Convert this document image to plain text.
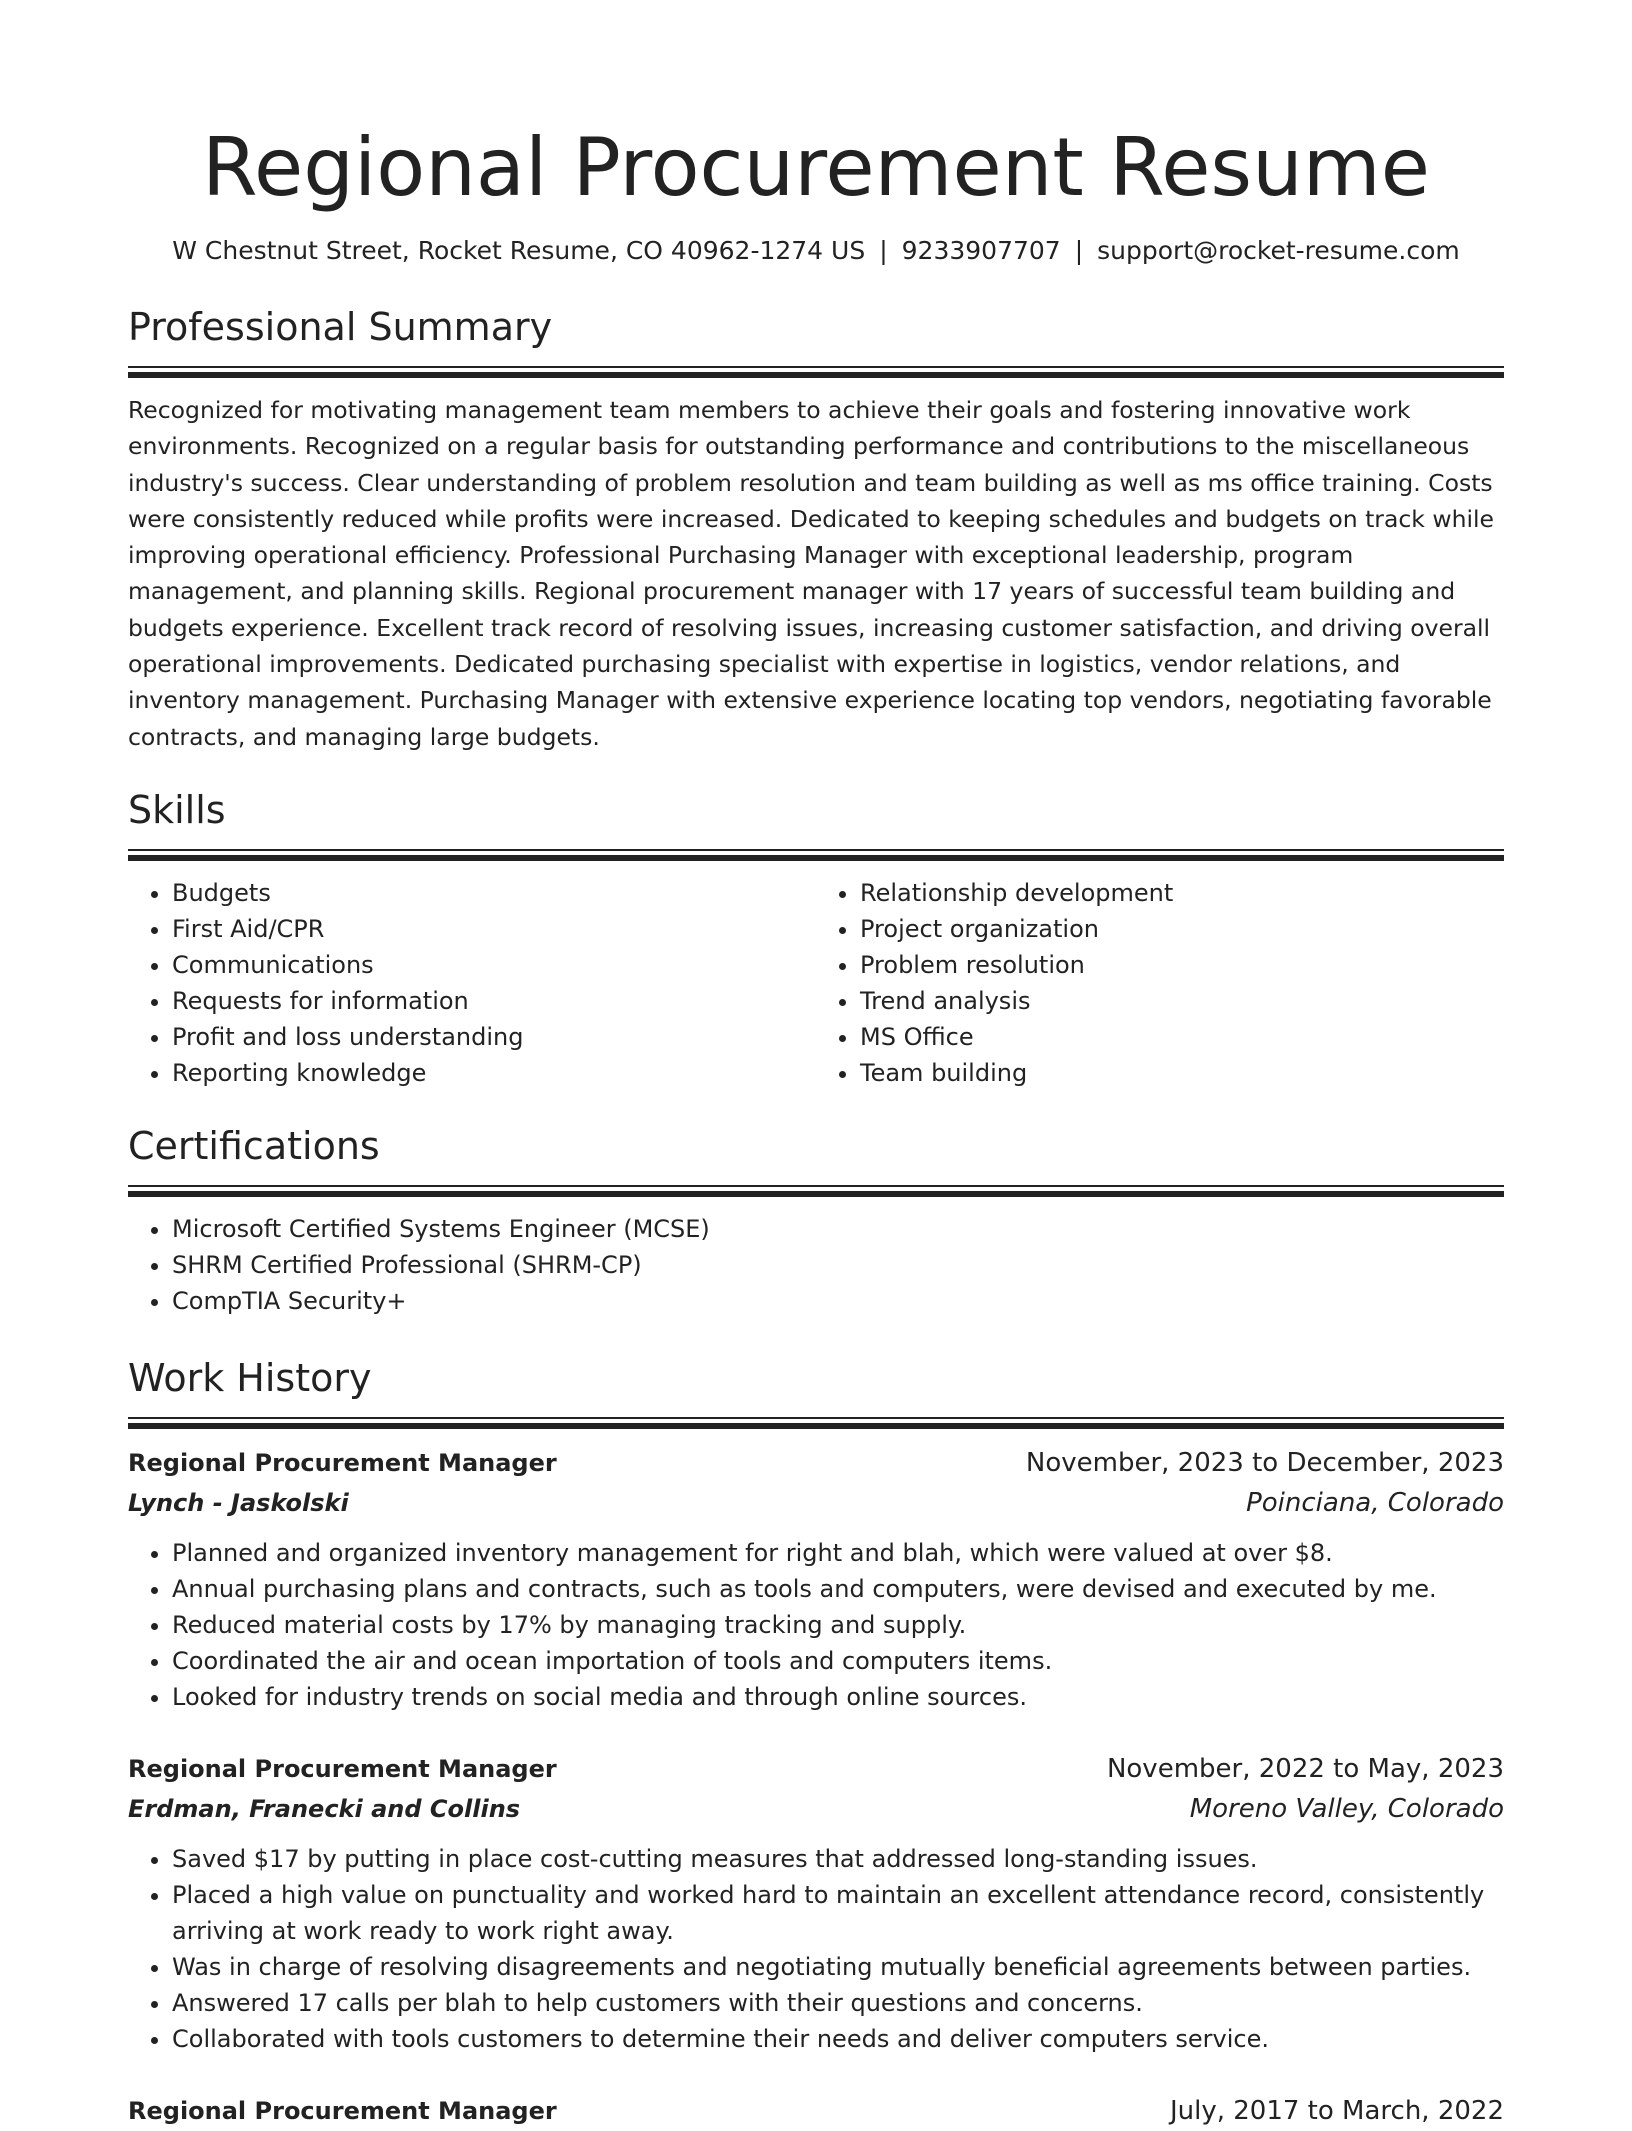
Regional Procurement Resume
W Chestnut Street, Rocket Resume, CO 40962-1274 US | 9233907707 | support@rocket-resume.com
Professional Summary

Recognized for motivating management team members to achieve their goals and fostering innovative work environments. Recognized on a regular basis for outstanding performance and contributions to the miscellaneous industry's success. Clear understanding of problem resolution and team building as well as ms office training. Costs were consistently reduced while profits were increased. Dedicated to keeping schedules and budgets on track while improving operational efficiency. Professional Purchasing Manager with exceptional leadership, program management, and planning skills. Regional procurement manager with 17 years of successful team building and budgets experience. Excellent track record of resolving issues, increasing customer satisfaction, and driving overall operational improvements. Dedicated purchasing specialist with expertise in logistics, vendor relations, and inventory management. Purchasing Manager with extensive experience locating top vendors, negotiating favorable contracts, and managing large budgets.

Skills
• Budgets
• First Aid/CPR
• Communications
• Requests for information
• Profit and loss understanding
• Reporting knowledge
• Relationship development
• Project organization
• Problem resolution
• Trend analysis
• MS Office
• Team building
Certifications
• Microsoft Certified Systems Engineer (MCSE)
• SHRM Certified Professional (SHRM-CP)
• CompTIA Security+
Work History
Regional Procurement Manager	November, 2023 to December, 2023
Lynch - Jaskolski	Poinciana, Colorado
• Planned and organized inventory management for right and blah, which were valued at over $8.
• Annual purchasing plans and contracts, such as tools and computers, were devised and executed by me.
• Reduced material costs by 17% by managing tracking and supply.
• Coordinated the air and ocean importation of tools and computers items.
• Looked for industry trends on social media and through online sources.
Regional Procurement Manager	November, 2022 to May, 2023
Erdman, Franecki and Collins	Moreno Valley, Colorado
• Saved $17 by putting in place cost-cutting measures that addressed long-standing issues.
• Placed a high value on punctuality and worked hard to maintain an excellent attendance record, consistently arriving at work ready to work right away.
• Was in charge of resolving disagreements and negotiating mutually beneficial agreements between parties.
• Answered 17 calls per blah to help customers with their questions and concerns.
• Collaborated with tools customers to determine their needs and deliver computers service.
Regional Procurement Manager	July, 2017 to March, 2022
